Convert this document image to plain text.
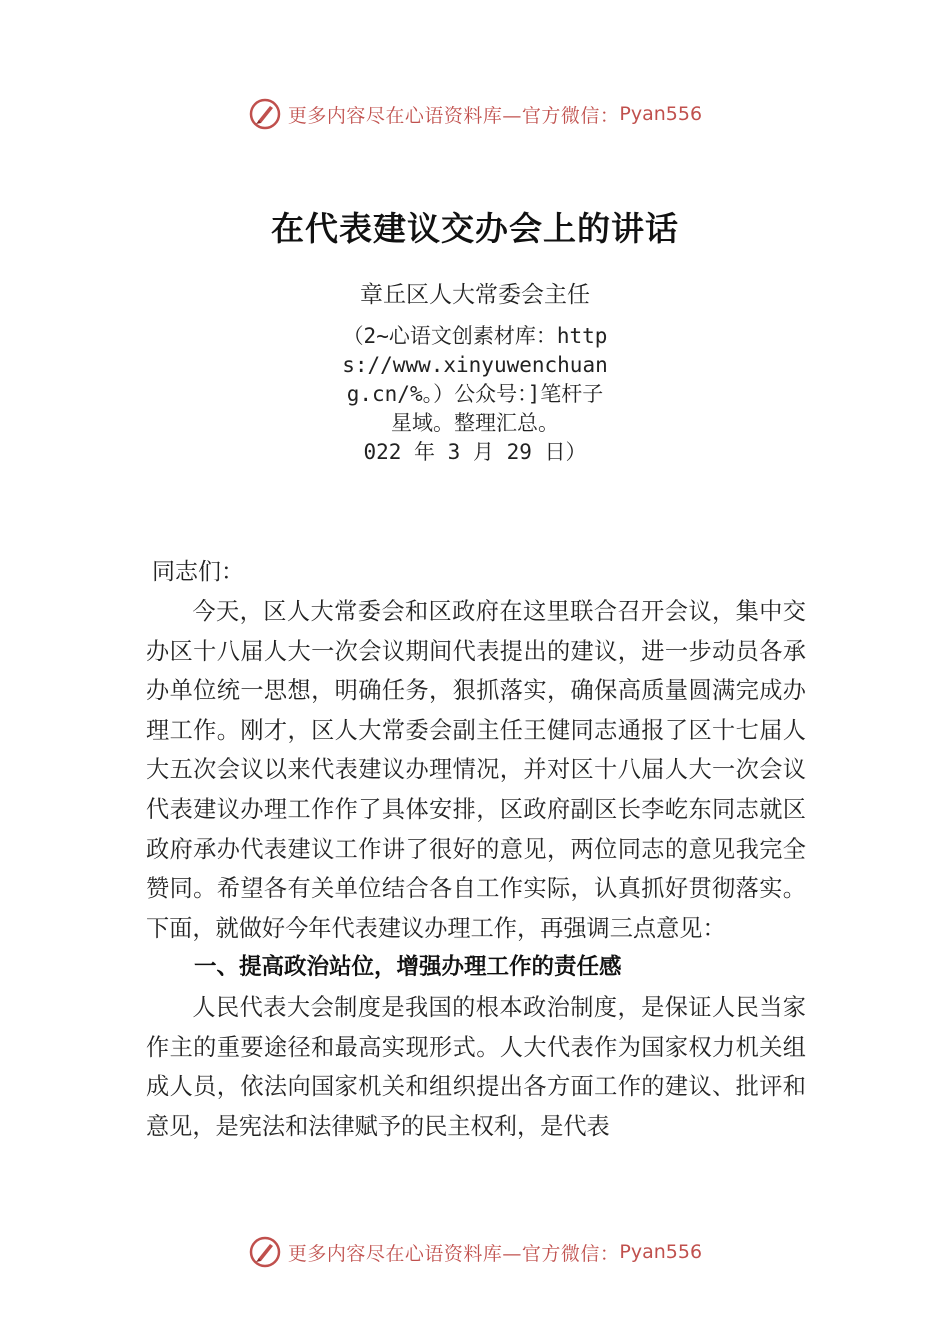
更多内容尽在心语资料库—官方微信： Pyan556
在代表建议交办会上的讲话
章丘区人大常委会主任
（2~心语文创素材库：https://www.xinyuwenchuang.cn/%。）公众号：]笔杆子星域。整理汇总。
022 年 3 月 29 日）
同志们：

今天，区人大常委会和区政府在这里联合召开会议，集中交办区十八届人大一次会议期间代表提出的建议，进一步动员各承办单位统一思想，明确任务，狠抓落实，确保高质量圆满完成办理工作。刚才，区人大常委会副主任王健同志通报了区十七届人大五次会议以来代表建议办理情况，并对区十八届人大一次会议代表建议办理工作作了具体安排，区政府副区长李屹东同志就区政府承办代表建议工作讲了很好的意见，两位同志的意见我完全赞同。希望各有关单位结合各自工作实际，认真抓好贯彻落实。下面，就做好今年代表建议办理工作，再强调三点意见：

一、提高政治站位，增强办理工作的责任感

人民代表大会制度是我国的根本政治制度，是保证人民当家作主的重要途径和最高实现形式。人大代表作为国家权力机关组成人员，依法向国家机关和组织提出各方面工作的建议、批评和意见，是宪法和法律赋予的民主权利，是代表

更多内容尽在心语资料库—官方微信： Pyan556
